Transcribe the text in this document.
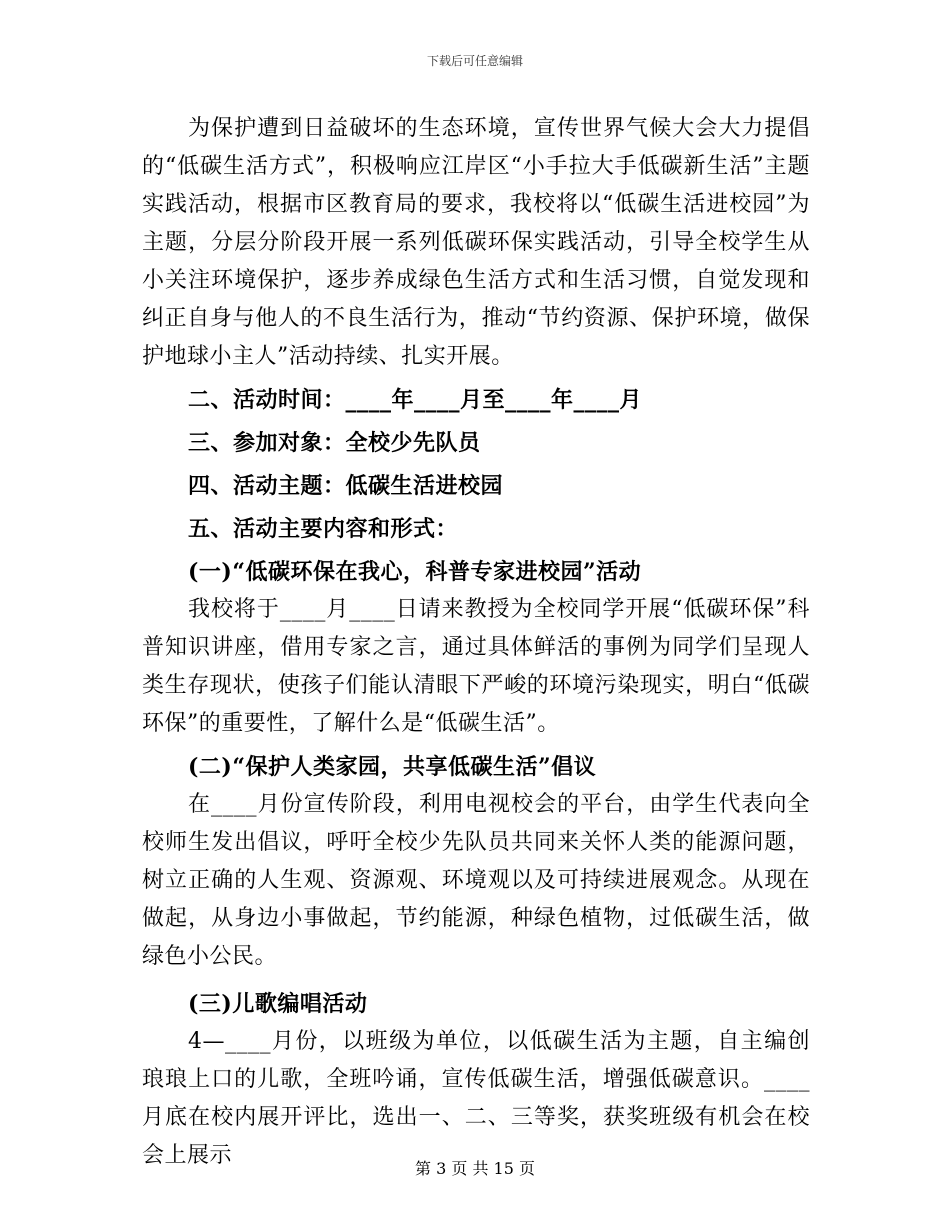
下载后可任意编辑

为保护遭到日益破坏的生态环境，宣传世界气候大会大力提倡的“低碳生活方式”，积极响应江岸区“小手拉大手低碳新生活”主题实践活动，根据市区教育局的要求，我校将以“低碳生活进校园”为主题，分层分阶段开展一系列低碳环保实践活动，引导全校学生从小关注环境保护，逐步养成绿色生活方式和生活习惯，自觉发现和纠正自身与他人的不良生活行为，推动“节约资源、保护环境，做保护地球小主人”活动持续、扎实开展。

二、活动时间：____年____月至____年____月

三、参加对象：全校少先队员

四、活动主题：低碳生活进校园

五、活动主要内容和形式：

(一)“低碳环保在我心，科普专家进校园”活动

我校将于____月____日请来教授为全校同学开展“低碳环保”科普知识讲座，借用专家之言，通过具体鲜活的事例为同学们呈现人类生存现状，使孩子们能认清眼下严峻的环境污染现实，明白“低碳环保”的重要性，了解什么是“低碳生活”。

(二)“保护人类家园，共享低碳生活”倡议

在____月份宣传阶段，利用电视校会的平台，由学生代表向全校师生发出倡议，呼吁全校少先队员共同来关怀人类的能源问题，树立正确的人生观、资源观、环境观以及可持续进展观念。从现在做起，从身边小事做起，节约能源，种绿色植物，过低碳生活，做绿色小公民。

(三)儿歌编唱活动

4—____月份，以班级为单位，以低碳生活为主题，自主编创琅琅上口的儿歌，全班吟诵，宣传低碳生活，增强低碳意识。____月底在校内展开评比，选出一、二、三等奖，获奖班级有机会在校会上展示

第 3 页 共 15 页
